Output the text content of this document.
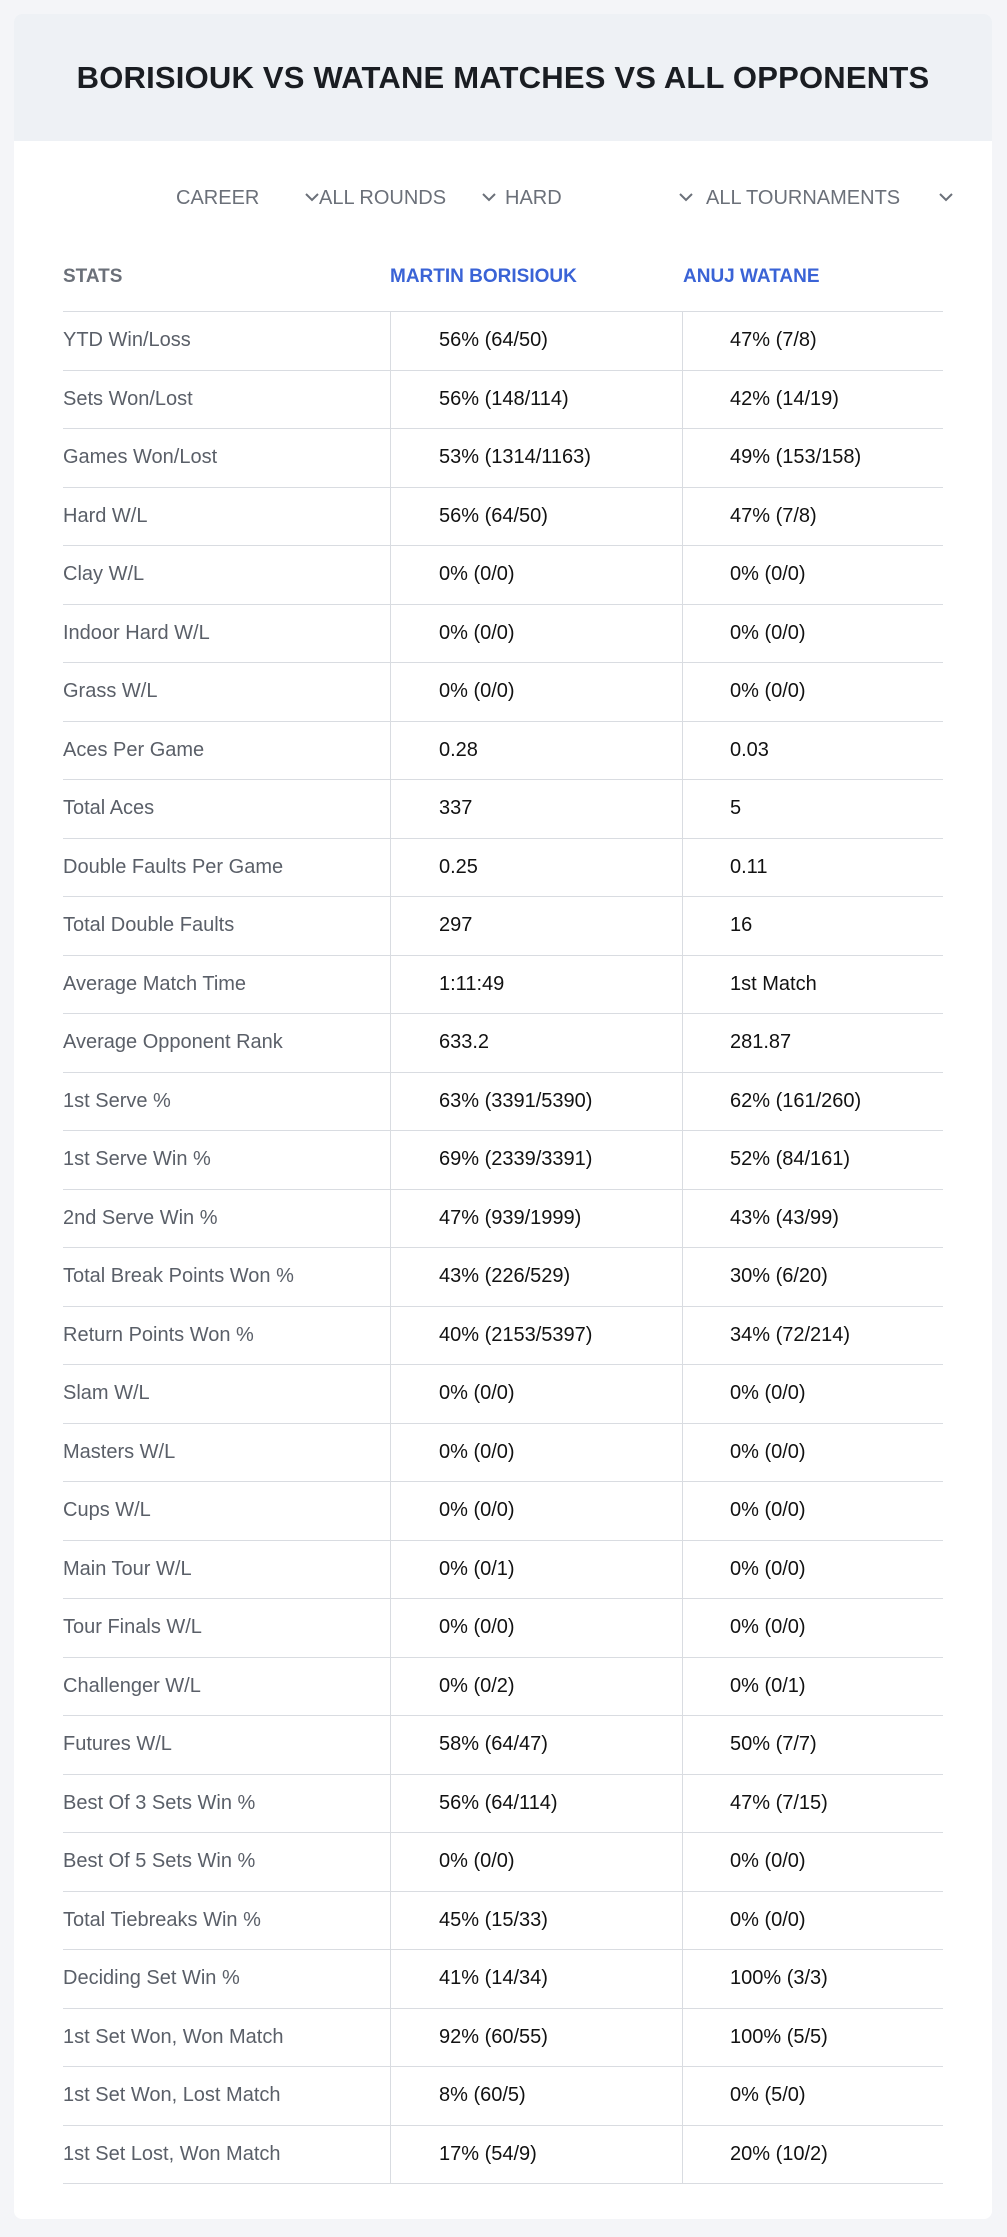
BORISIOUK VS WATANE MATCHES VS ALL OPPONENTS
CAREER	ALL ROUNDS	HARD	ALL TOURNAMENTS
STATS	MARTIN BORISIOUK	ANUJ WATANE
YTD Win/Loss	56% (64/50)	47% (7/8)
Sets Won/Lost	56% (148/114)	42% (14/19)
Games Won/Lost	53% (1314/1163)	49% (153/158)
Hard W/L	56% (64/50)	47% (7/8)
Clay W/L	0% (0/0)	0% (0/0)
Indoor Hard W/L	0% (0/0)	0% (0/0)
Grass W/L	0% (0/0)	0% (0/0)
Aces Per Game	0.28	0.03
Total Aces	337	5
Double Faults Per Game	0.25	0.11
Total Double Faults	297	16
Average Match Time	1:11:49	1st Match
Average Opponent Rank	633.2	281.87
1st Serve %	63% (3391/5390)	62% (161/260)
1st Serve Win %	69% (2339/3391)	52% (84/161)
2nd Serve Win %	47% (939/1999)	43% (43/99)
Total Break Points Won %	43% (226/529)	30% (6/20)
Return Points Won %	40% (2153/5397)	34% (72/214)
Slam W/L	0% (0/0)	0% (0/0)
Masters W/L	0% (0/0)	0% (0/0)
Cups W/L	0% (0/0)	0% (0/0)
Main Tour W/L	0% (0/1)	0% (0/0)
Tour Finals W/L	0% (0/0)	0% (0/0)
Challenger W/L	0% (0/2)	0% (0/1)
Futures W/L	58% (64/47)	50% (7/7)
Best Of 3 Sets Win %	56% (64/114)	47% (7/15)
Best Of 5 Sets Win %	0% (0/0)	0% (0/0)
Total Tiebreaks Win %	45% (15/33)	0% (0/0)
Deciding Set Win %	41% (14/34)	100% (3/3)
1st Set Won, Won Match	92% (60/55)	100% (5/5)
1st Set Won, Lost Match	8% (60/5)	0% (5/0)
1st Set Lost, Won Match	17% (54/9)	20% (10/2)
